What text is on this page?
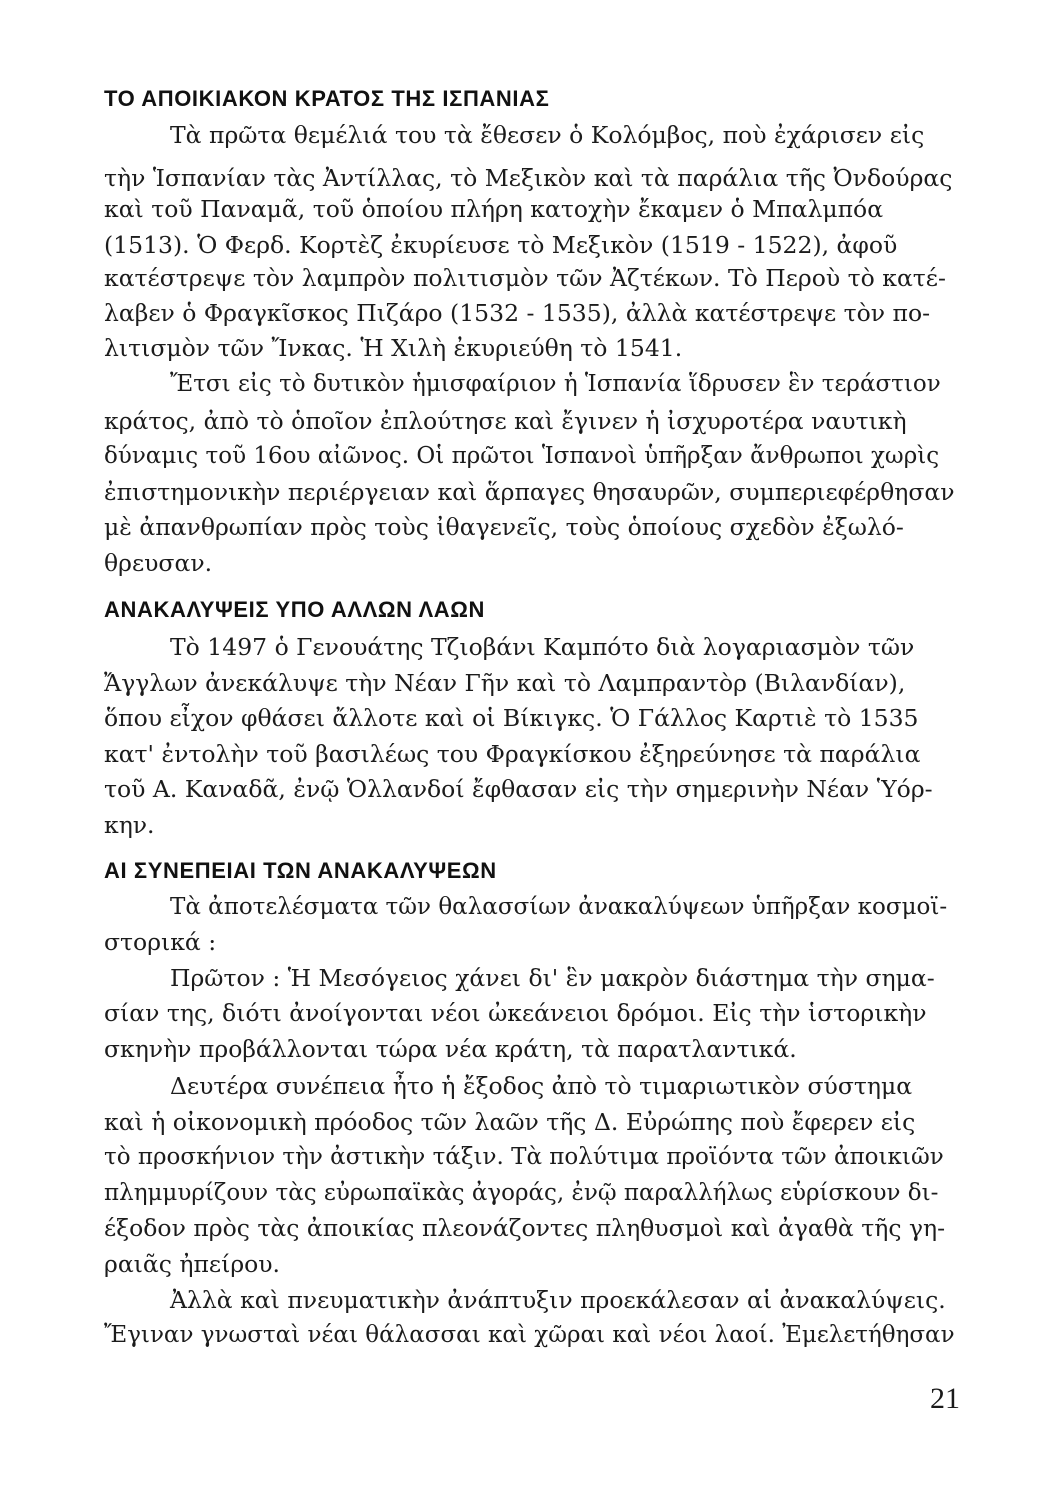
ΤΟ ΑΠΟΙΚΙΑΚΟΝ ΚΡΑΤΟΣ ΤΗΣ ΙΣΠΑΝΙΑΣ
Τὰ πρῶτα θεμέλιά του τὰ ἔθεσεν ὁ Κολόμβος, ποὺ ἐχάρισεν εἰς
τὴν Ἱσπανίαν τὰς Ἀντίλλας, τὸ Μεξικὸν καὶ τὰ παράλια τῆς Ὀνδούρας
καὶ τοῦ Παναμᾶ, τοῦ ὁποίου πλήρη κατοχὴν ἔκαμεν ὁ Μπαλμπόα
(1513). Ὁ Φερδ. Κορτὲζ ἐκυρίευσε τὸ Μεξικὸν (1519 - 1522), ἀφοῦ
κατέστρεψε τὸν λαμπρὸν πολιτισμὸν τῶν Ἀζτέκων. Τὸ Περοὺ τὸ κατέ-
λαβεν ὁ Φραγκῖσκος Πιζάρο (1532 - 1535), ἀλλὰ κατέστρεψε τὸν πο-
λιτισμὸν τῶν Ἴνκας. Ἡ Χιλὴ ἐκυριεύθη τὸ 1541.
Ἔτσι εἰς τὸ δυτικὸν ἡμισφαίριον ἡ Ἱσπανία ἵδρυσεν ἓν τεράστιον
κράτος, ἀπὸ τὸ ὁποῖον ἐπλούτησε καὶ ἔγινεν ἡ ἰσχυροτέρα ναυτικὴ
δύναμις τοῦ 16ου αἰῶνος. Οἱ πρῶτοι Ἱσπανοὶ ὑπῆρξαν ἄνθρωποι χωρὶς
ἐπιστημονικὴν περιέργειαν καὶ ἅρπαγες θησαυρῶν, συμπεριεφέρθησαν
μὲ ἀπανθρωπίαν πρὸς τοὺς ἰθαγενεῖς, τοὺς ὁποίους σχεδὸν ἐξωλό-
θρευσαν.
ΑΝΑΚΑΛΥΨΕΙΣ ΥΠΟ ΑΛΛΩΝ ΛΑΩΝ
Τὸ 1497 ὁ Γενουάτης Τζιοβάνι Καμπότο διὰ λογαριασμὸν τῶν
Ἄγγλων ἀνεκάλυψε τὴν Νέαν Γῆν καὶ τὸ Λαμπραντὸρ (Βιλανδίαν),
ὅπου εἶχον φθάσει ἄλλοτε καὶ οἱ Βίκιγκς. Ὁ Γάλλος Καρτιὲ τὸ 1535
κατ' ἐντολὴν τοῦ βασιλέως του Φραγκίσκου ἐξηρεύνησε τὰ παράλια
τοῦ Α. Καναδᾶ, ἐνῷ Ὁλλανδοί ἔφθασαν εἰς τὴν σημερινὴν Νέαν Ὑόρ-
κην.
ΑΙ ΣΥΝΕΠΕΙΑΙ ΤΩΝ ΑΝΑΚΑΛΥΨΕΩΝ
Τὰ ἀποτελέσματα τῶν θαλασσίων ἀνακαλύψεων ὑπῆρξαν κοσμοϊ-
στορικά :
Πρῶτον : Ἡ Μεσόγειος χάνει δι' ἓν μακρὸν διάστημα τὴν σημα-
σίαν της, διότι ἀνοίγονται νέοι ὠκεάνειοι δρόμοι. Εἰς τὴν ἱστορικὴν
σκηνὴν προβάλλονται τώρα νέα κράτη, τὰ παρατλαντικά.
Δευτέρα συνέπεια ἦτο ἡ ἔξοδος ἀπὸ τὸ τιμαριωτικὸν σύστημα
καὶ ἡ οἰκονομικὴ πρόοδος τῶν λαῶν τῆς Δ. Εὐρώπης ποὺ ἔφερεν εἰς
τὸ προσκήνιον τὴν ἀστικὴν τάξιν. Τὰ πολύτιμα προϊόντα τῶν ἀποικιῶν
πλημμυρίζουν τὰς εὐρωπαϊκὰς ἀγοράς, ἐνῷ παραλλήλως εὑρίσκουν δι-
έξοδον πρὸς τὰς ἀποικίας πλεονάζοντες πληθυσμοὶ καὶ ἀγαθὰ τῆς γη-
ραιᾶς ἠπείρου.
Ἀλλὰ καὶ πνευματικὴν ἀνάπτυξιν προεκάλεσαν αἱ ἀνακαλύψεις.
Ἔγιναν γνωσταὶ νέαι θάλασσαι καὶ χῶραι καὶ νέοι λαοί. Ἐμελετήθησαν
21
